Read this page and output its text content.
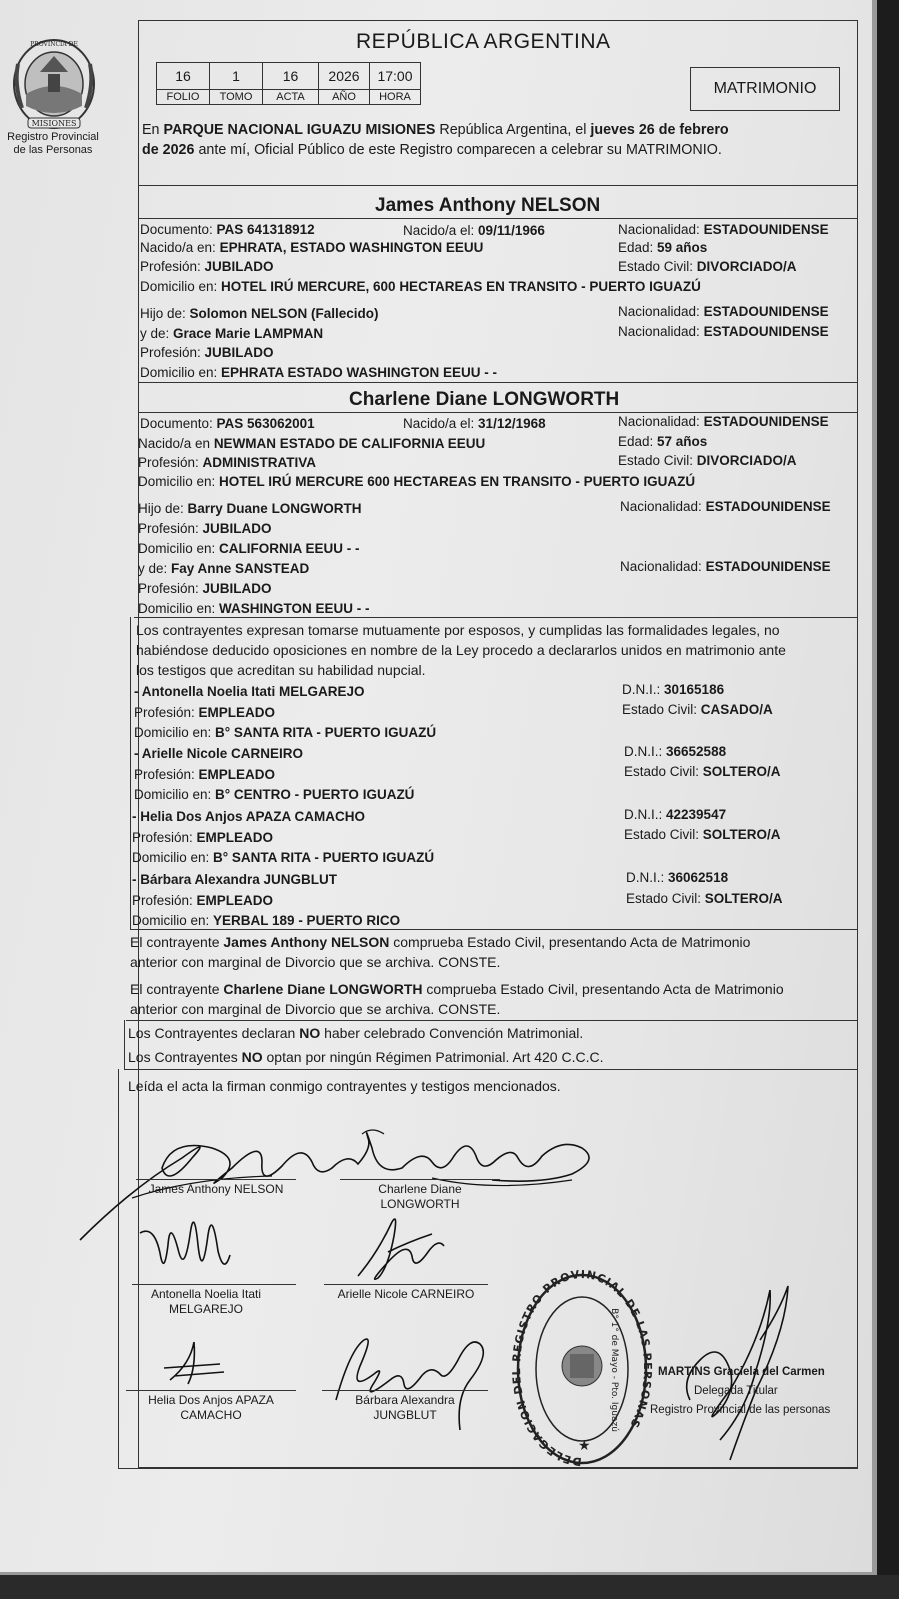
MISIONES
PROVINCIA DE
Registro Provincial
de las Personas
REPÚBLICA ARGENTINA
16	1	16	2026	17:00
FOLIO	TOMO	ACTA	AÑO	HORA	MATRIMONIO
En PARQUE NACIONAL IGUAZU MISIONES República Argentina, el jueves 26 de febrero
de 2026 ante mí, Oficial Público de este Registro comparecen a celebrar su MATRIMONIO.
James Anthony NELSON
Documento: PAS 641318912	Nacido/a el: 09/11/1966	Nacionalidad: ESTADOUNIDENSE
Nacido/a en: EPHRATA, ESTADO WASHINGTON EEUU	Edad: 59 años
Profesión: JUBILADO	Estado Civil: DIVORCIADO/A
Domicilio en: HOTEL IRÚ MERCURE, 600 HECTAREAS EN TRANSITO - PUERTO IGUAZÚ
Hijo de: Solomon NELSON (Fallecido)	Nacionalidad: ESTADOUNIDENSE
y de: Grace Marie LAMPMAN	Nacionalidad: ESTADOUNIDENSE
Profesión: JUBILADO
Domicilio en: EPHRATA ESTADO WASHINGTON EEUU - -
Charlene Diane LONGWORTH
Documento: PAS 563062001	Nacido/a el: 31/12/1968	Nacionalidad: ESTADOUNIDENSE
Nacido/a en NEWMAN ESTADO DE CALIFORNIA EEUU	Edad: 57 años
Profesión: ADMINISTRATIVA	Estado Civil: DIVORCIADO/A
Domicilio en: HOTEL IRÚ MERCURE 600 HECTAREAS EN TRANSITO - PUERTO IGUAZÚ
Hijo de: Barry Duane LONGWORTH	Nacionalidad: ESTADOUNIDENSE
Profesión: JUBILADO
Domicilio en: CALIFORNIA EEUU - -
y de: Fay Anne SANSTEAD	Nacionalidad: ESTADOUNIDENSE
Profesión: JUBILADO
Domicilio en: WASHINGTON EEUU - -
Los contrayentes expresan tomarse mutuamente por esposos, y cumplidas las formalidades legales, no
habiéndose deducido oposiciones en nombre de la Ley procedo a declararlos unidos en matrimonio ante
los testigos que acreditan su habilidad nupcial.
- Antonella Noelia Itati MELGAREJO	D.N.I.: 30165186
Profesión: EMPLEADO	Estado Civil: CASADO/A
Domicilio en: B° SANTA RITA - PUERTO IGUAZÚ
- Arielle Nicole CARNEIRO	D.N.I.: 36652588
Profesión: EMPLEADO	Estado Civil: SOLTERO/A
Domicilio en: B° CENTRO - PUERTO IGUAZÚ
- Helia Dos Anjos APAZA CAMACHO	D.N.I.: 42239547
Profesión: EMPLEADO	Estado Civil: SOLTERO/A
Domicilio en: B° SANTA RITA - PUERTO IGUAZÚ
- Bárbara Alexandra JUNGBLUT	D.N.I.: 36062518
Profesión: EMPLEADO	Estado Civil: SOLTERO/A
Domicilio en: YERBAL 189 - PUERTO RICO
El contrayente James Anthony NELSON comprueba Estado Civil, presentando Acta de Matrimonio
anterior con marginal de Divorcio que se archiva. CONSTE.
El contrayente Charlene Diane LONGWORTH comprueba Estado Civil, presentando Acta de Matrimonio
anterior con marginal de Divorcio que se archiva. CONSTE.
Los Contrayentes declaran NO haber celebrado Convención Matrimonial.
Los Contrayentes NO optan por ningún Régimen Patrimonial. Art 420 C.C.C.
Leída el acta la firman conmigo contrayentes y testigos mencionados.
James Anthony NELSON	Charlene Diane
LONGWORTH
Antonella Noelia Itati
MELGAREJO
Arielle Nicole CARNEIRO
Helia Dos Anjos APAZA
CAMACHO
Bárbara Alexandra
JUNGBLUT
DELEGACION DEL REGISTRO PROVINCIAL DE LAS PERSONAS
B° 1° de Mayo - Pto. Iguazú
★
MARTINS Graciela del Carmen
Delegada Titular
Registro Provincial de las personas
